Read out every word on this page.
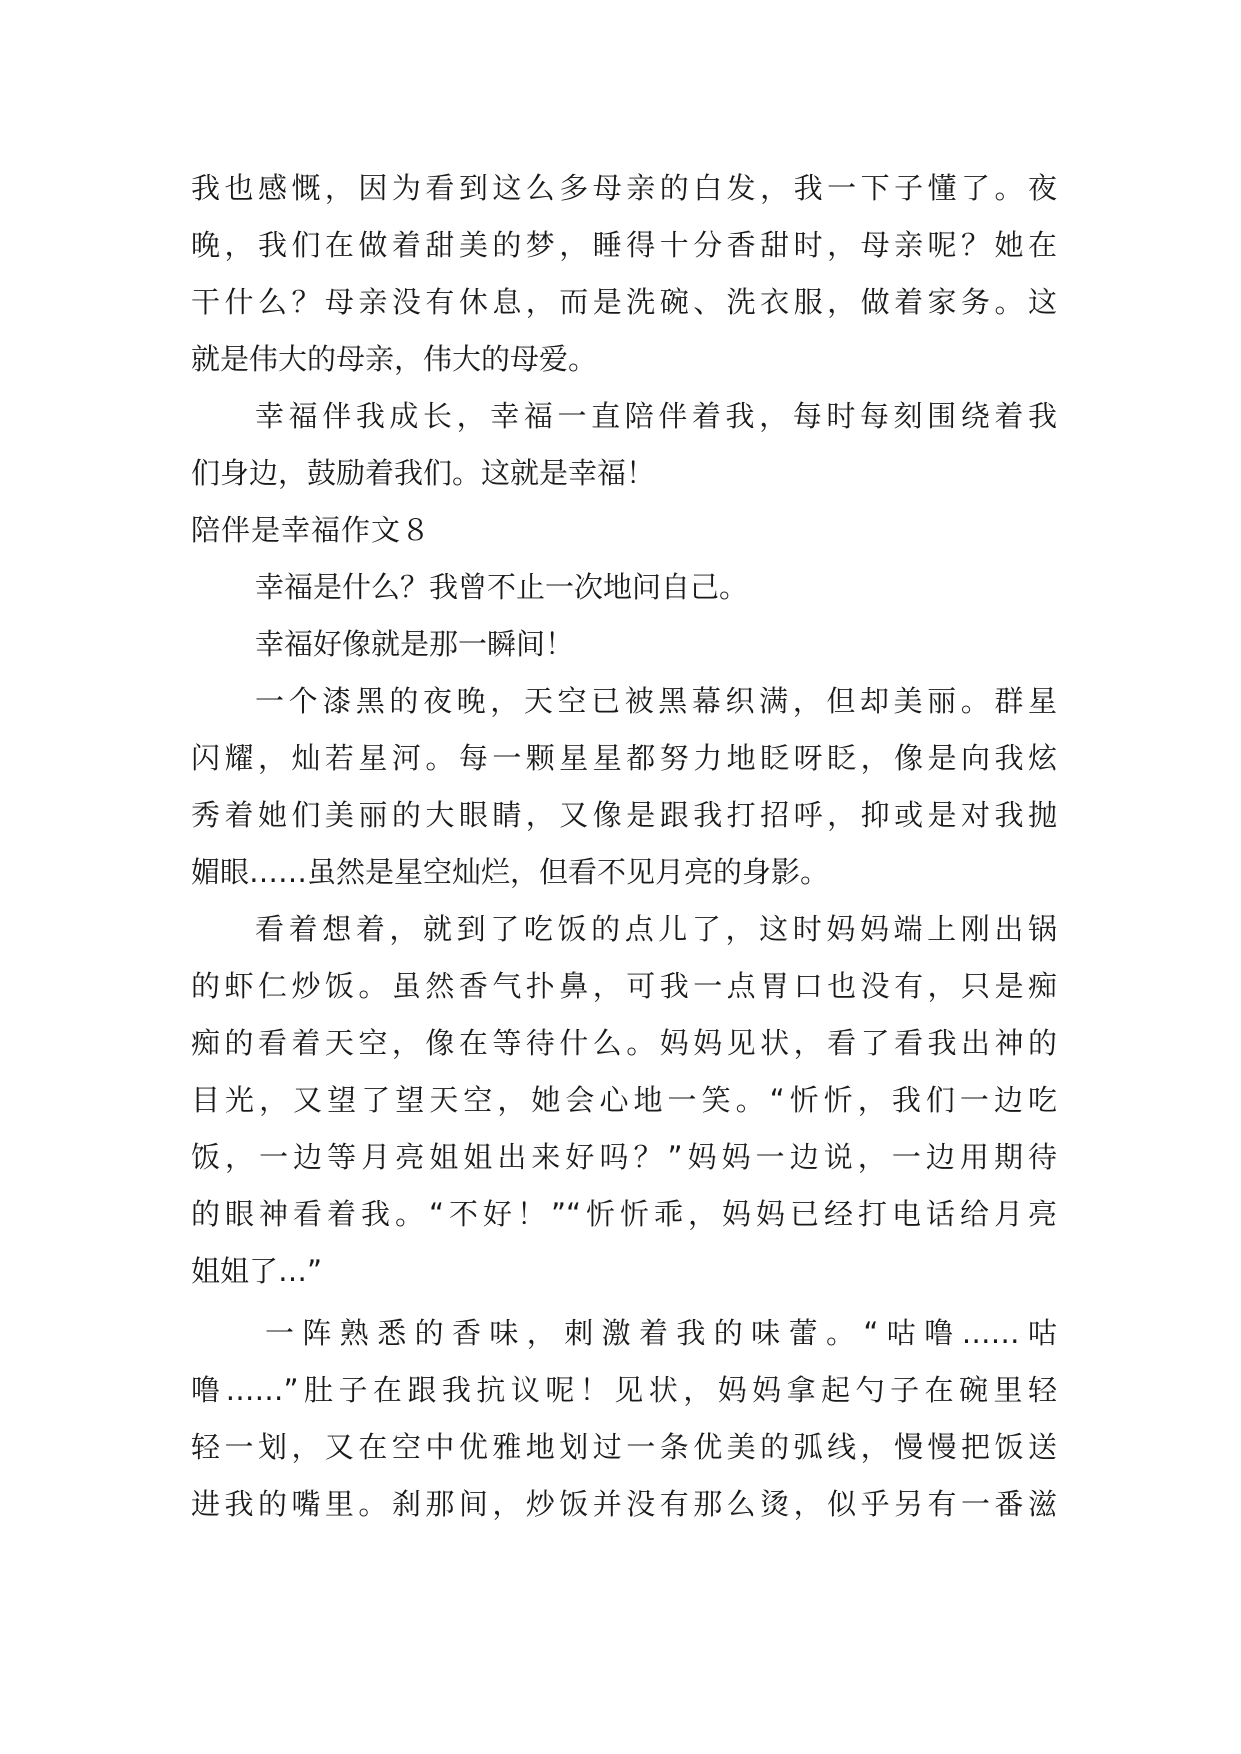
我也感慨，因为看到这么多母亲的白发，我一下子懂了。夜
晚，我们在做着甜美的梦，睡得十分香甜时，母亲呢？她在
干什么？母亲没有休息，而是洗碗、洗衣服，做着家务。这
就是伟大的母亲，伟大的母爱。
幸福伴我成长，幸福一直陪伴着我，每时每刻围绕着我
们身边，鼓励着我们。这就是幸福！
陪伴是幸福作文８
幸福是什么？我曾不止一次地问自己。
幸福好像就是那一瞬间！
一个漆黑的夜晚，天空已被黑幕织满，但却美丽。群星
闪耀，灿若星河。每一颗星星都努力地眨呀眨，像是向我炫
秀着她们美丽的大眼睛，又像是跟我打招呼，抑或是对我抛
媚眼……虽然是星空灿烂，但看不见月亮的身影。
看着想着，就到了吃饭的点儿了，这时妈妈端上刚出锅
的虾仁炒饭。虽然香气扑鼻，可我一点胃口也没有，只是痴
痴的看着天空，像在等待什么。妈妈见状，看了看我出神的
目光，又望了望天空，她会心地一笑。“忻忻，我们一边吃
饭，一边等月亮姐姐出来好吗？”妈妈一边说，一边用期待
的眼神看着我。“不好！”“忻忻乖，妈妈已经打电话给月亮
姐姐了…”
一阵熟悉的香味，刺激着我的味蕾。“咕噜……咕
噜……”肚子在跟我抗议呢！见状，妈妈拿起勺子在碗里轻
轻一划，又在空中优雅地划过一条优美的弧线，慢慢把饭送
进我的嘴里。刹那间，炒饭并没有那么烫，似乎另有一番滋
